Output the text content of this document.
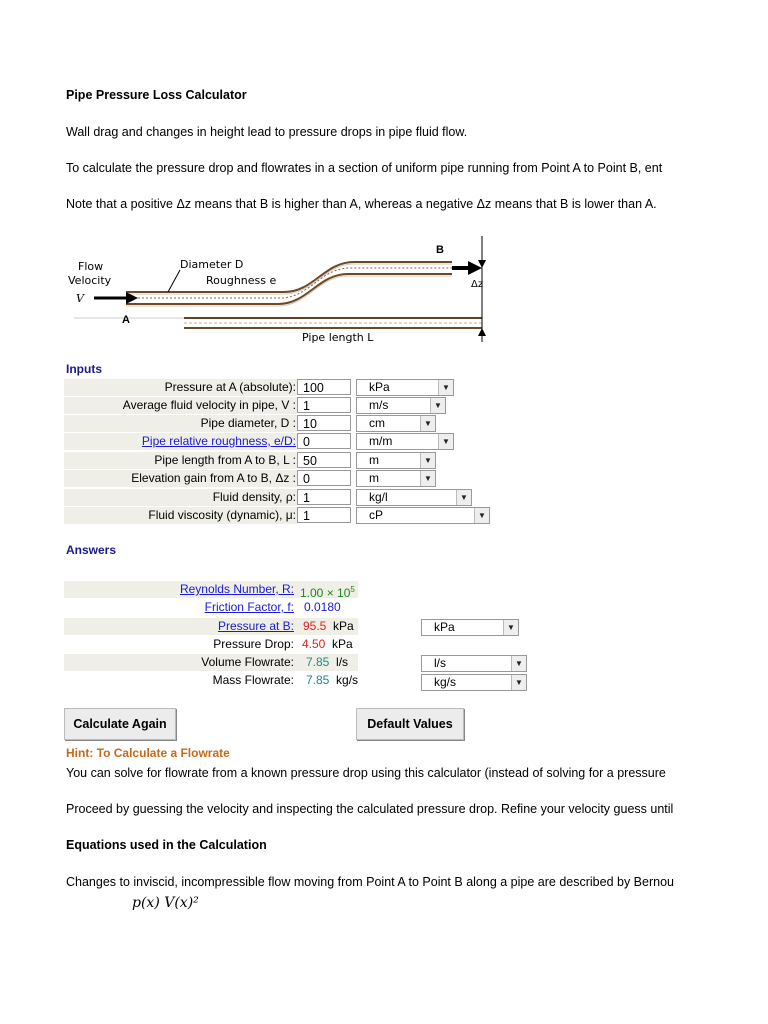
Pipe Pressure Loss Calculator
Wall drag and changes in height lead to pressure drops in pipe fluid flow.
To calculate the pressure drop and flowrates in a section of uniform pipe running from Point A to Point B, ent
Note that a positive Δz means that B is higher than A, whereas a negative Δz means that B is lower than A.
Flow
Velocity
V
A
B
Diameter D
Roughness e	Δz
Pipe length L
Inputs
Pressure at A (absolute): 100	kPa	▼
Average fluid velocity in pipe, V : 1	m/s	▼
Pipe diameter, D : 10	cm	▼
Pipe relative roughness, e/D: 0	m/m	▼
Pipe length from A to B, L : 50	m	▼
Elevation gain from A to B, Δz : 0	m	▼
Fluid density, ρ: 1	kg/l	▼
Fluid viscosity (dynamic), μ: 1	cP	▼
Answers
Reynolds Number, R: $1.00 \times 10^5$
Friction Factor, f: 0.0180
Pressure at B: 95.5 kPa
Pressure Drop: 4.50 kPa
Volume Flowrate: 7.85 l/s
Mass Flowrate: 7.85 kg/s
kPa	▼
l/s	▼
kg/s	▼
Calculate Again	Default Values
Hint: To Calculate a Flowrate
You can solve for flowrate from a known pressure drop using this calculator (instead of solving for a pressure
Proceed by guessing the velocity and inspecting the calculated pressure drop. Refine your velocity guess until
Equations used in the Calculation
Changes to inviscid, incompressible flow moving from Point A to Point B along a pipe are described by Bernou
p(x) V(x)²
